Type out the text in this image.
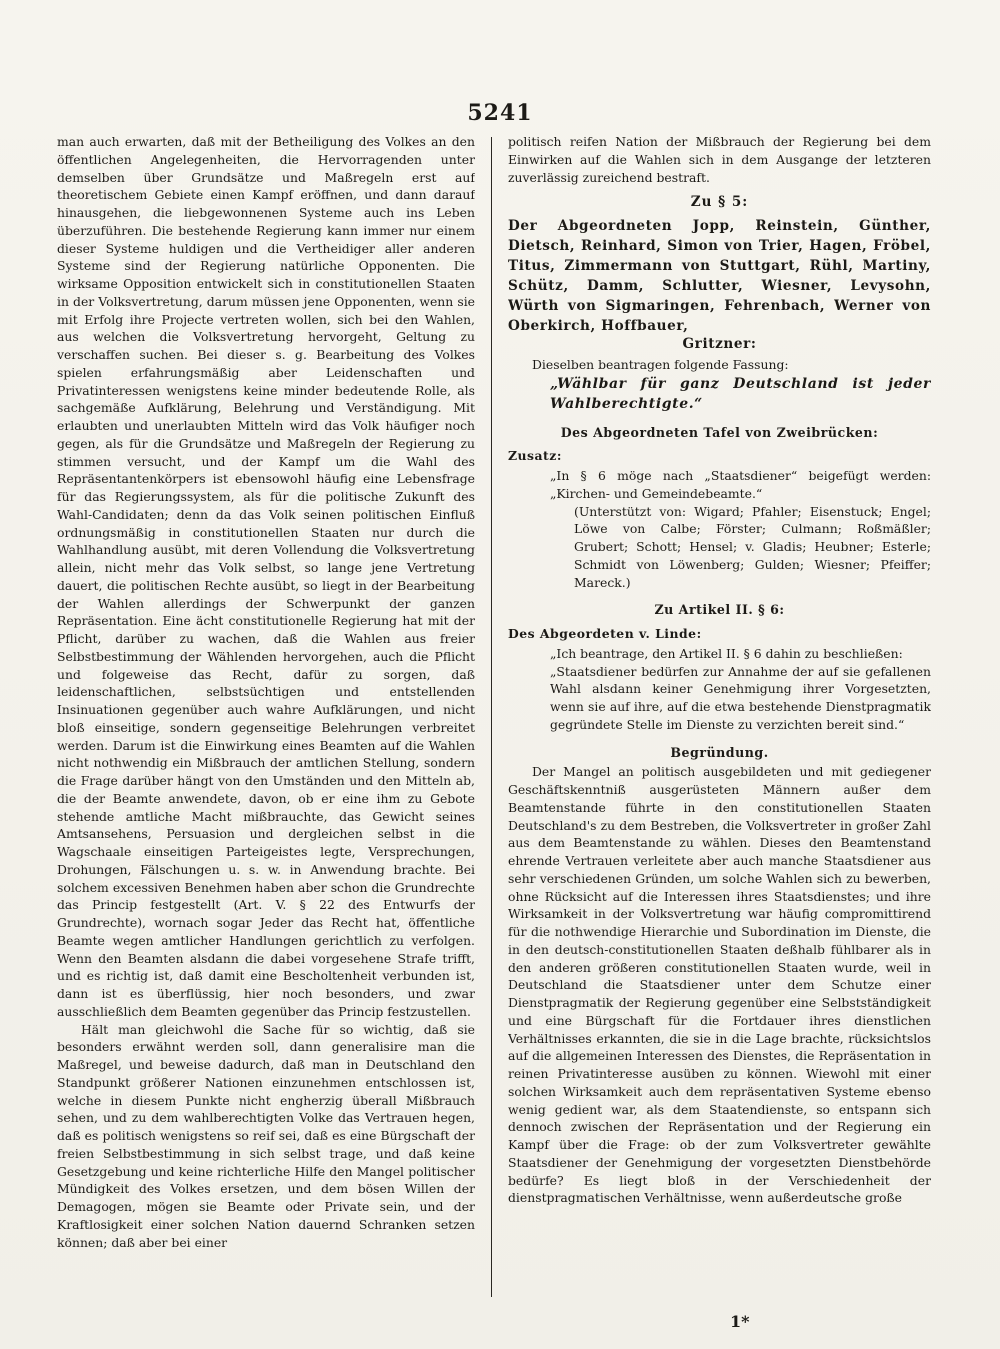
5241

man auch erwarten, daß mit der Betheiligung des Volkes an den öffentlichen Angelegenheiten, die Hervorragenden unter demselben über Grundsätze und Maßregeln erst auf theoretischem Gebiete einen Kampf eröffnen, und dann darauf hinausgehen, die liebgewonnenen Systeme auch ins Leben überzuführen. Die bestehende Regierung kann immer nur einem dieser Systeme huldigen und die Vertheidiger aller anderen Systeme sind der Regierung natürliche Opponenten. Die wirksame Opposition entwickelt sich in constitutionellen Staaten in der Volksvertretung, darum müssen jene Opponenten, wenn sie mit Erfolg ihre Projecte vertreten wollen, sich bei den Wahlen, aus welchen die Volksvertretung hervorgeht, Geltung zu verschaffen suchen. Bei dieser s. g. Bearbeitung des Volkes spielen erfahrungsmäßig aber Leidenschaften und Privatinteressen wenigstens keine minder bedeutende Rolle, als sachgemäße Aufklärung, Belehrung und Verständigung. Mit erlaubten und unerlaubten Mitteln wird das Volk häufiger noch gegen, als für die Grundsätze und Maßregeln der Regierung zu stimmen versucht, und der Kampf um die Wahl des Repräsentantenkörpers ist ebensowohl häufig eine Lebensfrage für das Regierungssystem, als für die politische Zukunft des Wahl-Candidaten; denn da das Volk seinen politischen Einfluß ordnungsmäßig in constitutionellen Staaten nur durch die Wahlhandlung ausübt, mit deren Vollendung die Volksvertretung allein, nicht mehr das Volk selbst, so lange jene Vertretung dauert, die politischen Rechte ausübt, so liegt in der Bearbeitung der Wahlen allerdings der Schwerpunkt der ganzen Repräsentation. Eine ächt constitutionelle Regierung hat mit der Pflicht, darüber zu wachen, daß die Wahlen aus freier Selbstbestimmung der Wählenden hervorgehen, auch die Pflicht und folgeweise das Recht, dafür zu sorgen, daß leidenschaftlichen, selbstsüchtigen und entstellenden Insinuationen gegenüber auch wahre Aufklärungen, und nicht bloß einseitige, sondern gegenseitige Belehrungen verbreitet werden. Darum ist die Einwirkung eines Beamten auf die Wahlen nicht nothwendig ein Mißbrauch der amtlichen Stellung, sondern die Frage darüber hängt von den Umständen und den Mitteln ab, die der Beamte anwendete, davon, ob er eine ihm zu Gebote stehende amtliche Macht mißbrauchte, das Gewicht seines Amtsansehens, Persuasion und dergleichen selbst in die Wagschaale einseitigen Parteigeistes legte, Versprechungen, Drohungen, Fälschungen u. s. w. in Anwendung brachte. Bei solchem excessiven Benehmen haben aber schon die Grundrechte das Princip festgestellt (Art. V. § 22 des Entwurfs der Grundrechte), wornach sogar Jeder das Recht hat, öffentliche Beamte wegen amtlicher Handlungen gerichtlich zu verfolgen. Wenn den Beamten alsdann die dabei vorgesehene Strafe trifft, und es richtig ist, daß damit eine Bescholtenheit verbunden ist, dann ist es überflüssig, hier noch besonders, und zwar ausschließlich dem Beamten gegenüber das Princip festzustellen.

Hält man gleichwohl die Sache für so wichtig, daß sie besonders erwähnt werden soll, dann generalisire man die Maßregel, und beweise dadurch, daß man in Deutschland den Standpunkt größerer Nationen einzunehmen entschlossen ist, welche in diesem Punkte nicht engherzig überall Mißbrauch sehen, und zu dem wahlberechtigten Volke das Vertrauen hegen, daß es politisch wenigstens so reif sei, daß es eine Bürgschaft der freien Selbstbestimmung in sich selbst trage, und daß keine Gesetzgebung und keine richterliche Hilfe den Mangel politischer Mündigkeit des Volkes ersetzen, und dem bösen Willen der Demagogen, mögen sie Beamte oder Private sein, und der Kraftlosigkeit einer solchen Nation dauernd Schranken setzen können; daß aber bei einer

politisch reifen Nation der Mißbrauch der Regierung bei dem Einwirken auf die Wahlen sich in dem Ausgange der letzteren zuverlässig zureichend bestraft.

Zu § 5:

Der Abgeordneten Jopp, Reinstein, Günther, Dietsch, Reinhard, Simon von Trier, Hagen, Fröbel, Titus, Zimmermann von Stuttgart, Rühl, Martiny, Schütz, Damm, Schlutter, Wiesner, Levysohn, Würth von Sigmaringen, Fehrenbach, Werner von Oberkirch, Hoffbauer,

Gritzner:

Dieselben beantragen folgende Fassung:

„Wählbar für ganz Deutschland ist jeder Wahlberechtigte.“

Des Abgeordneten Tafel von Zweibrücken:

Zusatz:

„In § 6 möge nach „Staatsdiener“ beigefügt werden: „Kirchen- und Gemeindebeamte.“

(Unterstützt von: Wigard; Pfahler; Eisenstuck; Engel; Löwe von Calbe; Förster; Culmann; Roßmäßler; Grubert; Schott; Hensel; v. Gladis; Heubner; Esterle; Schmidt von Löwenberg; Gulden; Wiesner; Pfeiffer; Mareck.)

Zu Artikel II. § 6:

Des Abgeordeten v. Linde:

„Ich beantrage, den Artikel II. § 6 dahin zu beschließen:

„Staatsdiener bedürfen zur Annahme der auf sie gefallenen Wahl alsdann keiner Genehmigung ihrer Vorgesetzten, wenn sie auf ihre, auf die etwa bestehende Dienstpragmatik gegründete Stelle im Dienste zu verzichten bereit sind.“

Begründung.

Der Mangel an politisch ausgebildeten und mit gediegener Geschäftskenntniß ausgerüsteten Männern außer dem Beamtenstande führte in den constitutionellen Staaten Deutschland's zu dem Bestreben, die Volksvertreter in großer Zahl aus dem Beamtenstande zu wählen. Dieses den Beamtenstand ehrende Vertrauen verleitete aber auch manche Staatsdiener aus sehr verschiedenen Gründen, um solche Wahlen sich zu bewerben, ohne Rücksicht auf die Interessen ihres Staatsdienstes; und ihre Wirksamkeit in der Volksvertretung war häufig compromittirend für die nothwendige Hierarchie und Subordination im Dienste, die in den deutsch-constitutionellen Staaten deßhalb fühlbarer als in den anderen größeren constitutionellen Staaten wurde, weil in Deutschland die Staatsdiener unter dem Schutze einer Dienstpragmatik der Regierung gegenüber eine Selbstständigkeit und eine Bürgschaft für die Fortdauer ihres dienstlichen Verhältnisses erkannten, die sie in die Lage brachte, rücksichtslos auf die allgemeinen Interessen des Dienstes, die Repräsentation in reinen Privatinteresse ausüben zu können. Wiewohl mit einer solchen Wirksamkeit auch dem repräsentativen Systeme ebenso wenig gedient war, als dem Staatendienste, so entspann sich dennoch zwischen der Repräsentation und der Regierung ein Kampf über die Frage: ob der zum Volksvertreter gewählte Staatsdiener der Genehmigung der vorgesetzten Dienstbehörde bedürfe? Es liegt bloß in der Verschiedenheit der dienstpragmatischen Verhältnisse, wenn außerdeutsche große

1*
